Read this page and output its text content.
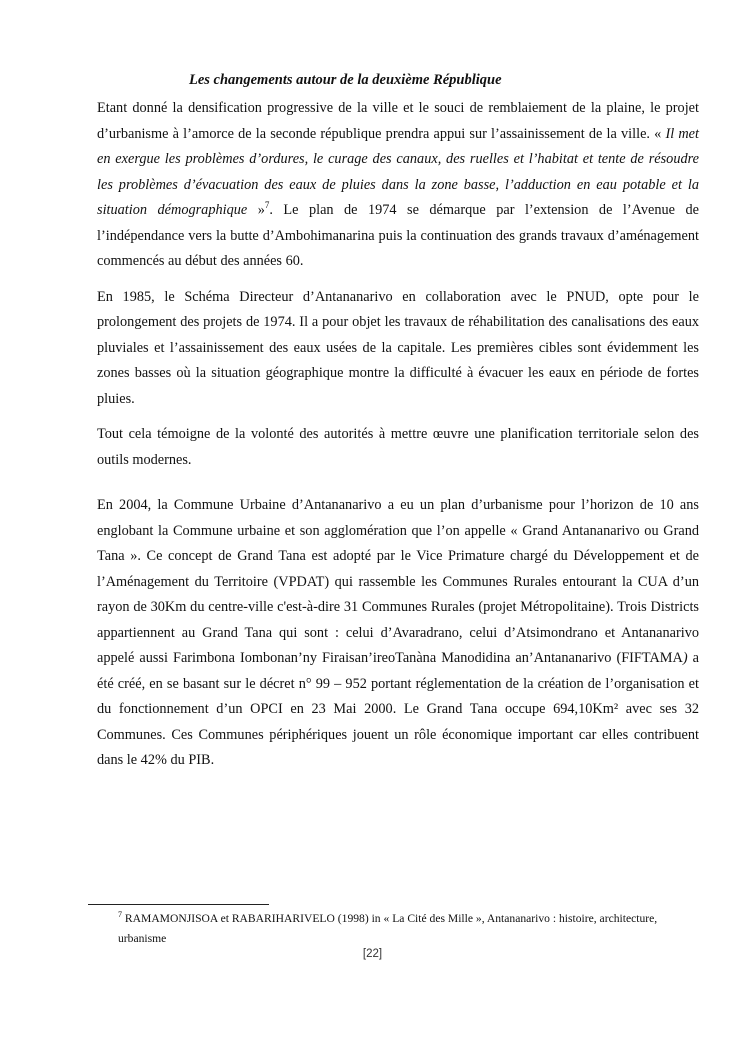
Les changements autour de la deuxième République

Etant donné la densification progressive de la ville et le souci de remblaiement de la plaine, le projet d’urbanisme à l’amorce de la seconde république prendra appui sur l’assainissement de la ville. « Il met en exergue les problèmes d’ordures, le curage des canaux, des ruelles et l’habitat et tente de résoudre les problèmes d’évacuation des eaux de pluies dans la zone basse, l’adduction en eau potable et la situation démographique »$^7$. Le plan de 1974 se démarque par l’extension de l’Avenue de l’indépendance vers la butte d’Ambohimanarina puis la continuation des grands travaux d’aménagement commencés au début des années 60.

En 1985, le Schéma Directeur d’Antananarivo en collaboration avec le PNUD, opte pour le prolongement des projets de 1974. Il a pour objet les travaux de réhabilitation des canalisations des eaux pluviales et l’assainissement des eaux usées de la capitale. Les premières cibles sont évidemment les zones basses où la situation géographique montre la difficulté à évacuer les eaux en période de fortes pluies.

Tout cela témoigne de la volonté des autorités à mettre œuvre une planification territoriale selon des outils modernes.

En 2004, la Commune Urbaine d’Antananarivo a eu un plan d’urbanisme pour l’horizon de 10 ans englobant la Commune urbaine et son agglomération que l’on appelle « Grand Antananarivo ou Grand Tana ». Ce concept de Grand Tana est adopté par le Vice Primature chargé du Développement et de l’Aménagement du Territoire (VPDAT) qui rassemble les Communes Rurales entourant la CUA d’un rayon de 30Km du centre-ville c'est-à-dire 31 Communes Rurales (projet Métropolitaine). Trois Districts appartiennent au Grand Tana qui sont : celui d’Avaradrano, celui d’Atsimondrano et Antananarivo appelé aussi Farimbona Iombonan’ny Firaisan’ireoTanàna Manodidina an’Antananarivo (FIFTAMA) a été créé, en se basant sur le décret n° 99 – 952 portant réglementation de la création de l’organisation et du fonctionnement d’un OPCI en 23 Mai 2000. Le Grand Tana occupe 694,10Km² avec ses 32 Communes. Ces Communes périphériques jouent un rôle économique important car elles contribuent dans le 42% du PIB.

$^7$ RAMAMONJISOA et RABARIHARIVELO (1998) in « La Cité des Mille », Antananarivo : histoire, architecture, urbanisme
[22]
